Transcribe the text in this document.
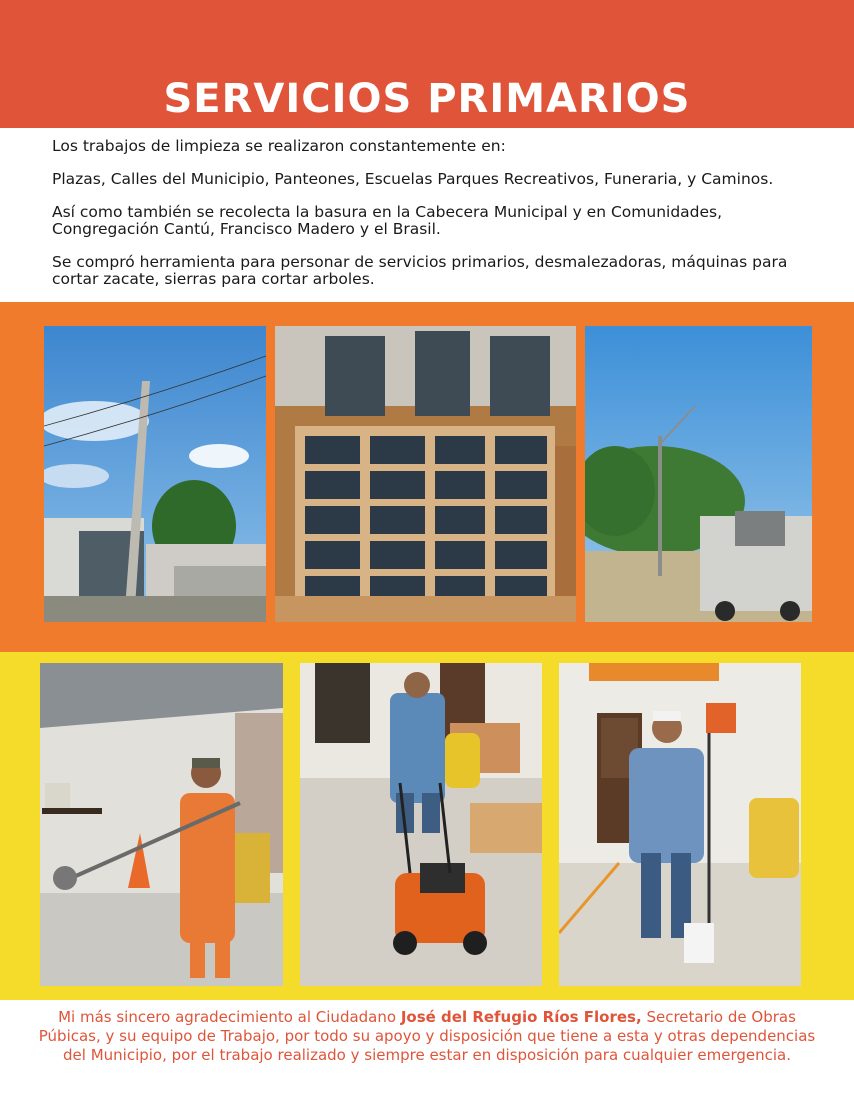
SERVICIOS PRIMARIOS

Los trabajos de limpieza se realizaron constantemente en:

Plazas, Calles del Municipio, Panteones, Escuelas Parques Recreativos, Funeraria, y Caminos.

Así como también se recolecta la basura en la Cabecera Municipal y en Comunidades, Congregación Cantú, Francisco Madero y el Brasil.

Se compró herramienta para personar de servicios primarios, desmalezadoras, máquinas para cortar zacate, sierras para cortar arboles.

Mi más sincero agradecimiento al Ciudadano José del Refugio Ríos Flores, Secretario de Obras Púbicas, y su equipo de Trabajo, por todo su apoyo y disposición que tiene a esta y otras dependencias del Municipio, por el trabajo realizado y siempre estar en disposición para cualquier emergencia.
